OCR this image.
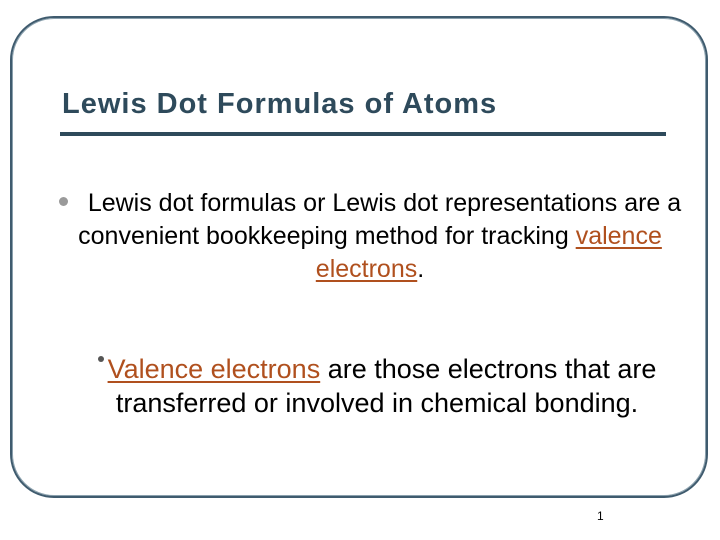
Lewis Dot Formulas of Atoms
Lewis dot formulas or Lewis dot representations are a convenient bookkeeping method for tracking valence electrons.
Valence electrons are those electrons that are transferred or involved in chemical bonding.
1
